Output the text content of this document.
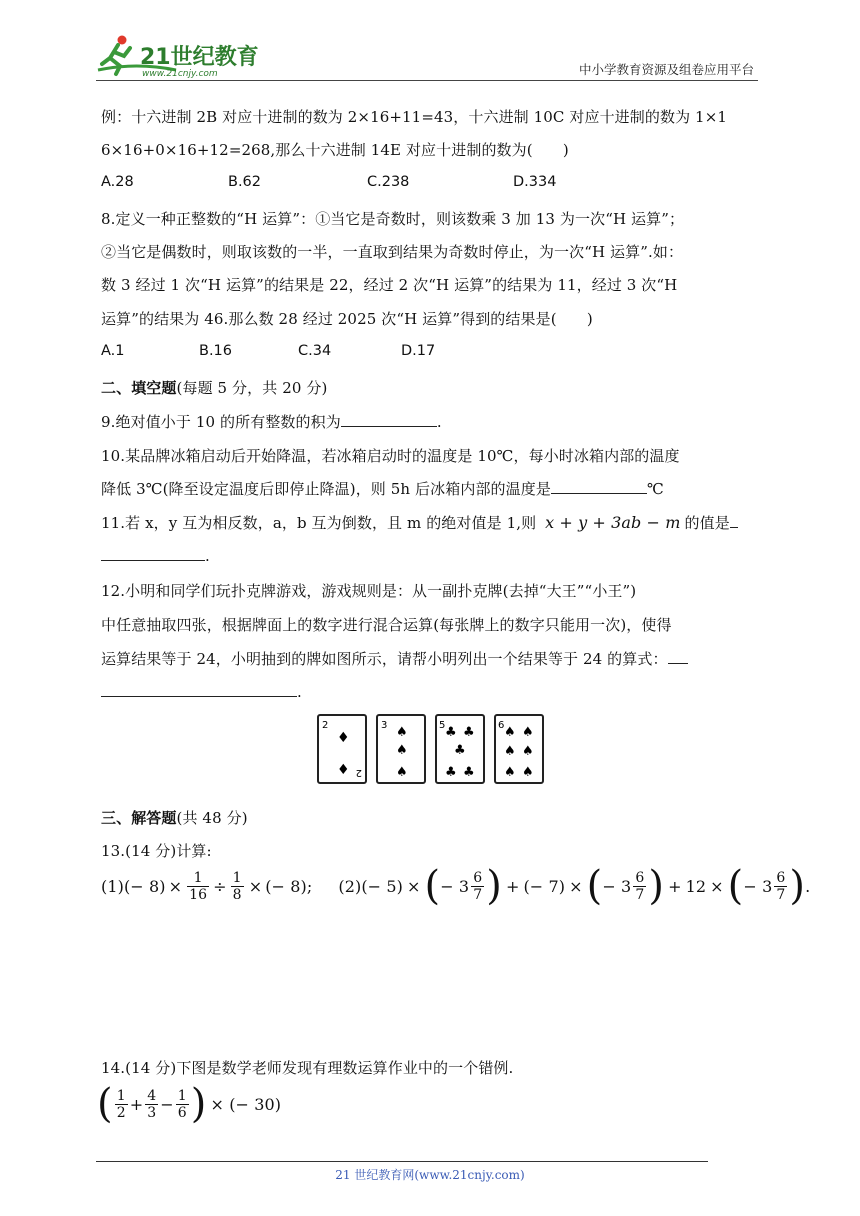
21世纪教育
www.21cnjy.com	中小学教育资源及组卷应用平台
例：十六进制 2B 对应十进制的数为 2×16+11=43，十六进制 10C 对应十进制的数为 1×1
6×16+0×16+12=268,那么十六进制 14E 对应十进制的数为(　　)
A.28	B.62	C.238	D.334
8.定义一种正整数的“H 运算”：①当它是奇数时，则该数乘 3 加 13 为一次“H 运算”；
②当它是偶数时，则取该数的一半，一直取到结果为奇数时停止，为一次“H 运算”.如：
数 3 经过 1 次“H 运算”的结果是 22，经过 2 次“H 运算”的结果为 11，经过 3 次“H
运算”的结果为 46.那么数 28 经过 2025 次“H 运算”得到的结果是(　　)
A.1	B.16	C.34	D.17
二、填空题(每题 5 分，共 20 分)
9.绝对值小于 10 的所有整数的积为	.
10.某品牌冰箱启动后开始降温，若冰箱启动时的温度是 10℃，每小时冰箱内部的温度
降低 3℃(降至设定温度后即停止降温)，则 5h 后冰箱内部的温度是	℃
11.若 x，y 互为相反数，a，b 互为倒数，且 m 的绝对值是 1,则 x + y + 3ab − m 的值是
.
12.小明和同学们玩扑克牌游戏，游戏规则是：从一副扑克牌(去掉“大王”“小王”)
中任意抽取四张，根据牌面上的数字进行混合运算(每张牌上的数字只能用一次)，使得
运算结果等于 24，小明抽到的牌如图所示，请帮小明列出一个结果等于 24 的算式：
.
三、解答题(共 48 分)
13.(14 分)计算:
(1) (− $8) \times \frac{1}{16} \div \frac{1}{8}$ × (− 8) ; (2) (− 5) × ( − $3 \frac{6}{7}$ ) + (− 7) × ( − $3 \frac{6}{7}$ ) + 12 × ( − $3 \frac{6}{7}$ ) .
14.(14 分)下图是数学老师发现有理数运算作业中的一个错例.
( $\frac{1}{2} + \frac{4}{3} - \frac{1}{6}$ ) × (− 30)
2
♦
♦ 2
3 ♠
♠
♠
5 ♣ ♣
♣
♣ ♣
6 ♠ ♠
♠ ♠
♠ ♠
21 世纪教育网(www.21cnjy.com)
